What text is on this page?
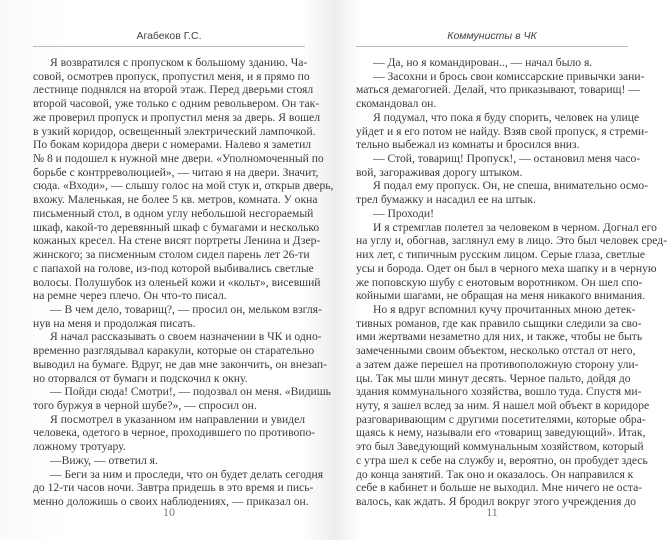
Агабеков Г.С.
Я возвратился с пропуском к большому зданию. Ча-
совой, осмотрев пропуск, пропустил меня, и я прямо по
лестнице поднялся на второй этаж. Перед дверьми стоял
второй часовой, уже только с одним револьвером. Он так-
же проверил пропуск и пропустил меня за дверь. Я вошел
в узкий коридор, освещенный электрический лампочкой.
По бокам коридора двери с номерами. Налево я заметил
№ 8 и подошел к нужной мне двери. «Уполномоченный по
борьбе с контрреволюцией», — читаю я на двери. Значит,
сюда. «Входи», — слышу голос на мой стук и, открыв дверь,
вхожу. Маленькая, не более 5 кв. метров, комната. У окна
письменный стол, в одном углу небольшой несгораемый
шкаф, какой-то деревянный шкаф с бумагами и несколько
кожаных кресел. На стене висят портреты Ленина и Дзер-
жинского; за писменным столом сидел парень лет 26-ти
с папахой на голове, из-под которой выбивались светлые
волосы. Полушубок из оленьей кожи и «кольт», висевший
на ремне через плечо. Он что-то писал.
— В чем дело, товарищ?, — просил он, мельком взгля-
нув на меня и продолжая писать.
Я начал рассказывать о своем назначении в ЧК и одно-
временно разглядывал каракули, которые он старательно
выводил на бумаге. Вдруг, не дав мне закончить, он внезап-
но оторвался от бумаги и подскочил к окну.
— Пойди сюда! Смотри!, — подозвал он меня. «Видишь
того буржуя в черной шубе?», — спросил он.
Я посмотрел в указанном им направлении и увидел
человека, одетого в черное, проходившего по противопо-
ложному тротуару.
—Вижу, — ответил я.
— Беги за ним и проследи, что он будет делать сегодня
до 12-ти часов ночи. Завтра придешь в это время и пись-
менно доложишь о своих наблюдениях, — приказал он.
10
Коммунисты в ЧК
— Да, но я командирован.., — начал было я.
— Засохни и брось свои комиссарские привычки зани-
маться демагогией. Делай, что приказывают, товарищ! —
скомандовал он.
Я подумал, что пока я буду спорить, человек на улице
уйдет и я его потом не найду. Взяв свой пропуск, я стреми-
тельно выбежал из комнаты и бросился вниз.
— Стой, товарищ! Пропуск!, — остановил меня часо-
вой, загораживая дорогу штыком.
Я подал ему пропуск. Он, не спеша, внимательно осмо-
трел бумажку и насадил ее на штык.
— Проходи!
И я стремглав полетел за человеком в черном. Догнал его
на углу и, обогнав, заглянул ему в лицо. Это был человек сред-
них лет, с типичным русским лицом. Серые глаза, светлые
усы и борода. Одет он был в черного меха шапку и в черную
же поповскую шубу с енотовым воротником. Он шел спо-
койными шагами, не обращая на меня никакого внимания.
Но я вдруг вспомнил кучу прочитанных мною детек-
тивных романов, где как правило сыщики следили за сво-
ими жертвами незаметно для них, и также, чтобы не быть
замеченными своим объектом, несколько отстал от него,
а затем даже перешел на противоположную сторону ули-
цы. Так мы шли минут десять. Черное пальто, дойдя до
здания коммунального хозяйства, вошло туда. Спустя ми-
нуту, я зашел вслед за ним. Я нашел мой объект в коридоре
разговаривающим с другими посетителями, которые обра-
щаясь к нему, называли его «товарищ заведующий». Итак,
это был Заведующий коммунальным хозяйством, который
с утра шел к себе на службу и, вероятно, он пробудет здесь
до конца занятий. Так оно и оказалось. Он направился к
себе в кабинет и больше не выходил. Мне ничего не оста-
валось, как ждать. Я бродил вокруг этого учреждения до
11
